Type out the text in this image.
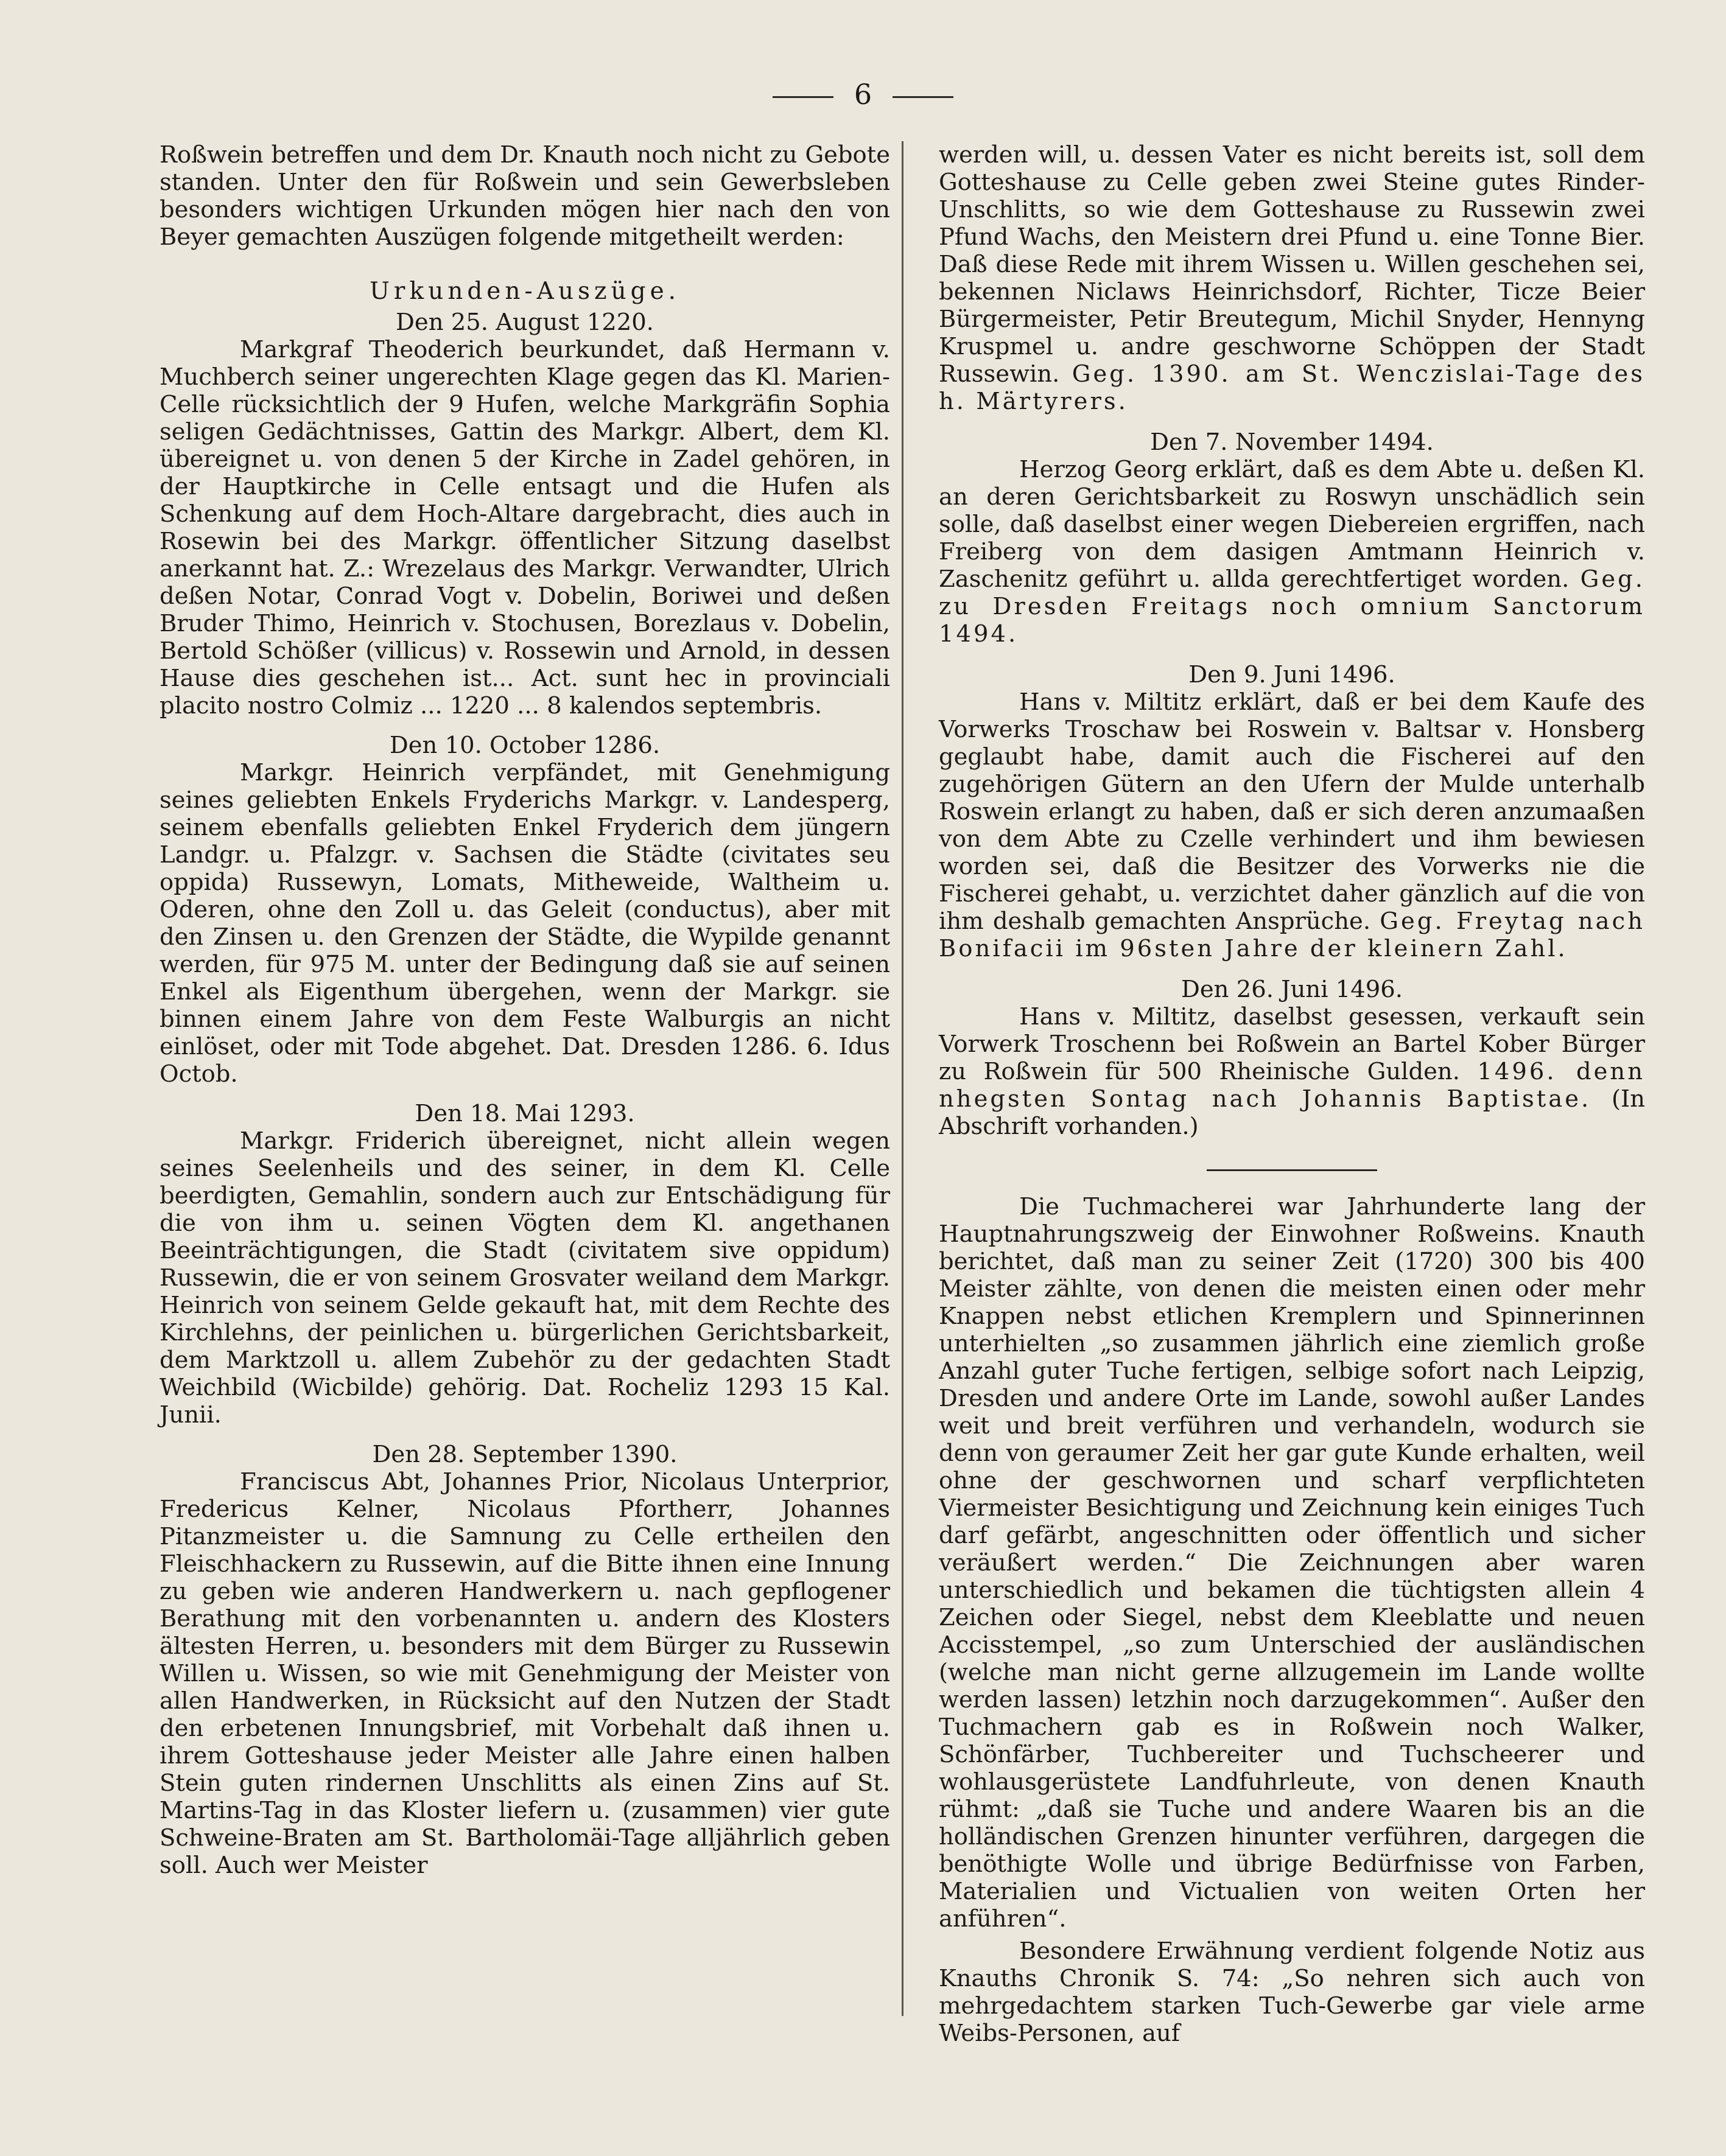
6

Roßwein betreffen und dem Dr. Knauth noch nicht zu Gebote standen. Unter den für Roßwein und sein Gewerbsleben besonders wichtigen Urkunden mögen hier nach den von Beyer gemachten Auszügen folgende mitgetheilt werden:

Urkunden-Auszüge.
Den 25. August 1220.

Markgraf Theoderich beurkundet, daß Hermann v. Muchberch seiner ungerechten Klage gegen das Kl. Marien-Celle rücksichtlich der 9 Hufen, welche Markgräfin Sophia seligen Gedächtnisses, Gattin des Markgr. Albert, dem Kl. übereignet u. von denen 5 der Kirche in Zadel gehören, in der Hauptkirche in Celle entsagt und die Hufen als Schenkung auf dem Hoch-Altare dargebracht, dies auch in Rosewin bei des Markgr. öffentlicher Sitzung daselbst anerkannt hat. Z.: Wrezelaus des Markgr. Verwandter, Ulrich deßen Notar, Conrad Vogt v. Dobelin, Boriwei und deßen Bruder Thimo, Heinrich v. Stochusen, Borezlaus v. Dobelin, Bertold Schößer (villicus) v. Rossewin und Arnold, in dessen Hause dies geschehen ist... Act. sunt hec in provinciali placito nostro Colmiz ... 1220 ... 8 kalendos septembris.

Den 10. October 1286.

Markgr. Heinrich verpfändet, mit Genehmigung seines geliebten Enkels Fryderichs Markgr. v. Landesperg, seinem ebenfalls geliebten Enkel Fryderich dem jüngern Landgr. u. Pfalzgr. v. Sachsen die Städte (civitates seu oppida) Russewyn, Lomats, Mitheweide, Waltheim u. Oderen, ohne den Zoll u. das Geleit (conductus), aber mit den Zinsen u. den Grenzen der Städte, die Wypilde genannt werden, für 975 M. unter der Bedingung daß sie auf seinen Enkel als Eigenthum übergehen, wenn der Markgr. sie binnen einem Jahre von dem Feste Walburgis an nicht einlöset, oder mit Tode abgehet. Dat. Dresden 1286. 6. Idus Octob.

Den 18. Mai 1293.

Markgr. Friderich übereignet, nicht allein wegen seines Seelenheils und des seiner, in dem Kl. Celle beerdigten, Gemahlin, sondern auch zur Entschädigung für die von ihm u. seinen Vögten dem Kl. angethanen Beeinträchtigungen, die Stadt (civitatem sive oppidum) Russewin, die er von seinem Grosvater weiland dem Markgr. Heinrich von seinem Gelde gekauft hat, mit dem Rechte des Kirchlehns, der peinlichen u. bürgerlichen Gerichtsbarkeit, dem Marktzoll u. allem Zubehör zu der gedachten Stadt Weichbild (Wicbilde) gehörig. Dat. Rocheliz 1293 15 Kal. Junii.

Den 28. September 1390.

Franciscus Abt, Johannes Prior, Nicolaus Unterprior, Fredericus Kelner, Nicolaus Pfortherr, Johannes Pitanzmeister u. die Samnung zu Celle ertheilen den Fleischhackern zu Russewin, auf die Bitte ihnen eine Innung zu geben wie anderen Handwerkern u. nach gepflogener Berathung mit den vorbenannten u. andern des Klosters ältesten Herren, u. besonders mit dem Bürger zu Russewin Willen u. Wissen, so wie mit Genehmigung der Meister von allen Handwerken, in Rücksicht auf den Nutzen der Stadt den erbetenen Innungsbrief, mit Vorbehalt daß ihnen u. ihrem Gotteshause jeder Meister alle Jahre einen halben Stein guten rindernen Unschlitts als einen Zins auf St. Martins-Tag in das Kloster liefern u. (zusammen) vier gute Schweine-Braten am St. Bartholomäi-Tage alljährlich geben soll. Auch wer Meister

werden will, u. dessen Vater es nicht bereits ist, soll dem Gotteshause zu Celle geben zwei Steine gutes Rinder-Unschlitts, so wie dem Gotteshause zu Russewin zwei Pfund Wachs, den Meistern drei Pfund u. eine Tonne Bier. Daß diese Rede mit ihrem Wissen u. Willen geschehen sei, bekennen Niclaws Heinrichsdorf, Richter, Ticze Beier Bürgermeister, Petir Breutegum, Michil Snyder, Hennyng Kruspmel u. andre geschworne Schöppen der Stadt Russewin. Geg. 1390. am St. Wenczislai-Tage des h. Märtyrers.

Den 7. November 1494.

Herzog Georg erklärt, daß es dem Abte u. deßen Kl. an deren Gerichtsbarkeit zu Roswyn unschädlich sein solle, daß daselbst einer wegen Diebereien ergriffen, nach Freiberg von dem dasigen Amtmann Heinrich v. Zaschenitz geführt u. allda gerechtfertiget worden. Geg. zu Dresden Freitags noch omnium Sanctorum 1494.

Den 9. Juni 1496.

Hans v. Miltitz erklärt, daß er bei dem Kaufe des Vorwerks Troschaw bei Roswein v. Baltsar v. Honsberg geglaubt habe, damit auch die Fischerei auf den zugehörigen Gütern an den Ufern der Mulde unterhalb Roswein erlangt zu haben, daß er sich deren anzumaaßen von dem Abte zu Czelle verhindert und ihm bewiesen worden sei, daß die Besitzer des Vorwerks nie die Fischerei gehabt, u. verzichtet daher gänzlich auf die von ihm deshalb gemachten Ansprüche. Geg. Freytag nach Bonifacii im 96sten Jahre der kleinern Zahl.

Den 26. Juni 1496.

Hans v. Miltitz, daselbst gesessen, verkauft sein Vorwerk Troschenn bei Roßwein an Bartel Kober Bürger zu Roßwein für 500 Rheinische Gulden. 1496. denn nhegsten Sontag nach Johannis Baptistae. (In Abschrift vorhanden.)

Die Tuchmacherei war Jahrhunderte lang der Hauptnahrungszweig der Einwohner Roßweins. Knauth berichtet, daß man zu seiner Zeit (1720) 300 bis 400 Meister zählte, von denen die meisten einen oder mehr Knappen nebst etlichen Kremplern und Spinnerinnen unterhielten „so zusammen jährlich eine ziemlich große Anzahl guter Tuche fertigen, selbige sofort nach Leipzig, Dresden und andere Orte im Lande, sowohl außer Landes weit und breit verführen und verhandeln, wodurch sie denn von geraumer Zeit her gar gute Kunde erhalten, weil ohne der geschwornen und scharf verpflichteten Viermeister Besichtigung und Zeichnung kein einiges Tuch darf gefärbt, angeschnitten oder öffentlich und sicher veräußert werden.“ Die Zeichnungen aber waren unterschiedlich und bekamen die tüchtigsten allein 4 Zeichen oder Siegel, nebst dem Kleeblatte und neuen Accisstempel, „so zum Unterschied der ausländischen (welche man nicht gerne allzugemein im Lande wollte werden lassen) letzhin noch darzugekommen“. Außer den Tuchmachern gab es in Roßwein noch Walker, Schönfärber, Tuchbereiter und Tuchscheerer und wohlausgerüstete Landfuhrleute, von denen Knauth rühmt: „daß sie Tuche und andere Waaren bis an die holländischen Grenzen hinunter verführen, dargegen die benöthigte Wolle und übrige Bedürfnisse von Farben, Materialien und Victualien von weiten Orten her anführen“.

Besondere Erwähnung verdient folgende Notiz aus Knauths Chronik S. 74: „So nehren sich auch von mehrgedachtem starken Tuch-Gewerbe gar viele arme Weibs-Personen, auf
